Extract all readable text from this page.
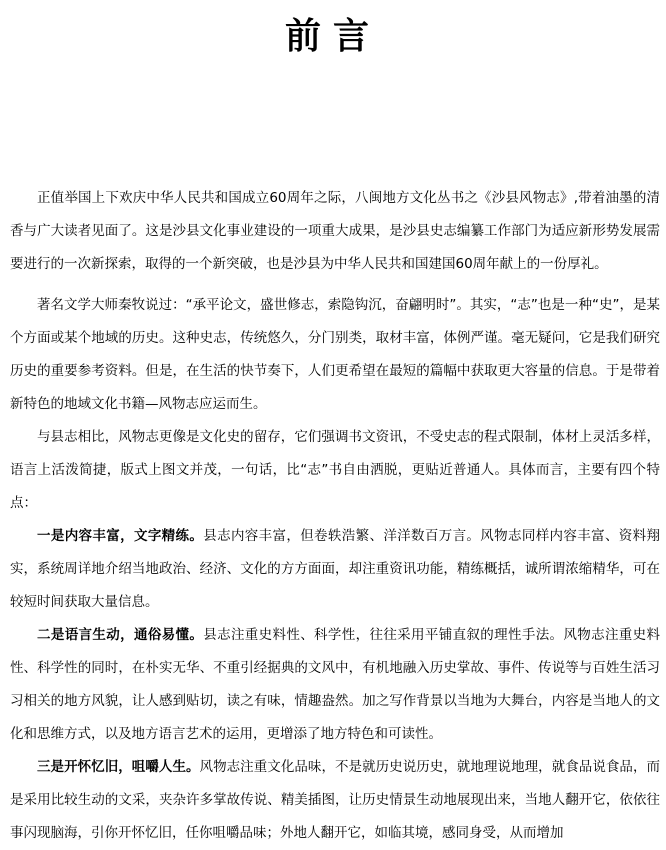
前言

正值举国上下欢庆中华人民共和国成立60周年之际，八闽地方文化丛书之《沙县风物志》,带着油墨的清香与广大读者见面了。这是沙县文化事业建设的一项重大成果，是沙县史志编纂工作部门为适应新形势发展需要进行的一次新探索，取得的一个新突破，也是沙县为中华人民共和国建国60周年献上的一份厚礼。

著名文学大师秦牧说过：“承平论文，盛世修志，索隐钩沉，奋翩明时”。其实，“志”也是一种“史”，是某个方面或某个地域的历史。这种史志，传统悠久，分门别类，取材丰富，体例严谨。毫无疑问，它是我们研究历史的重要参考资料。但是，在生活的快节奏下，人们更希望在最短的篇幅中获取更大容量的信息。于是带着新特色的地域文化书籍—风物志应运而生。

与县志相比，风物志更像是文化史的留存，它们强调书文资讯，不受史志的程式限制，体材上灵活多样，语言上活泼简捷，版式上图文并茂，一句话，比“志”书自由洒脱，更贴近普通人。具体而言，主要有四个特点：

一是内容丰富，文字精练。县志内容丰富，但卷轶浩繁、洋洋数百万言。风物志同样内容丰富、资料翔实，系统周详地介绍当地政治、经济、文化的方方面面，却注重资讯功能，精练概括，诚所谓浓缩精华，可在较短时间获取大量信息。

二是语言生动，通俗易懂。县志注重史料性、科学性，往往采用平铺直叙的理性手法。风物志注重史料性、科学性的同时，在朴实无华、不重引经据典的文风中，有机地融入历史掌故、事件、传说等与百姓生活习习相关的地方风貌，让人感到贴切，读之有味，情趣盎然。加之写作背景以当地为大舞台，内容是当地人的文化和思维方式，以及地方语言艺术的运用，更增添了地方特色和可读性。

三是开怀忆旧，咀嚼人生。风物志注重文化品味，不是就历史说历史，就地理说地理，就食品说食品，而是采用比较生动的文采，夹杂许多掌故传说、精美插图，让历史情景生动地展现出来，当地人翻开它，依依往事闪现脑海，引你开怀忆旧，任你咀嚼品味；外地人翻开它，如临其境，感同身受，从而增加
